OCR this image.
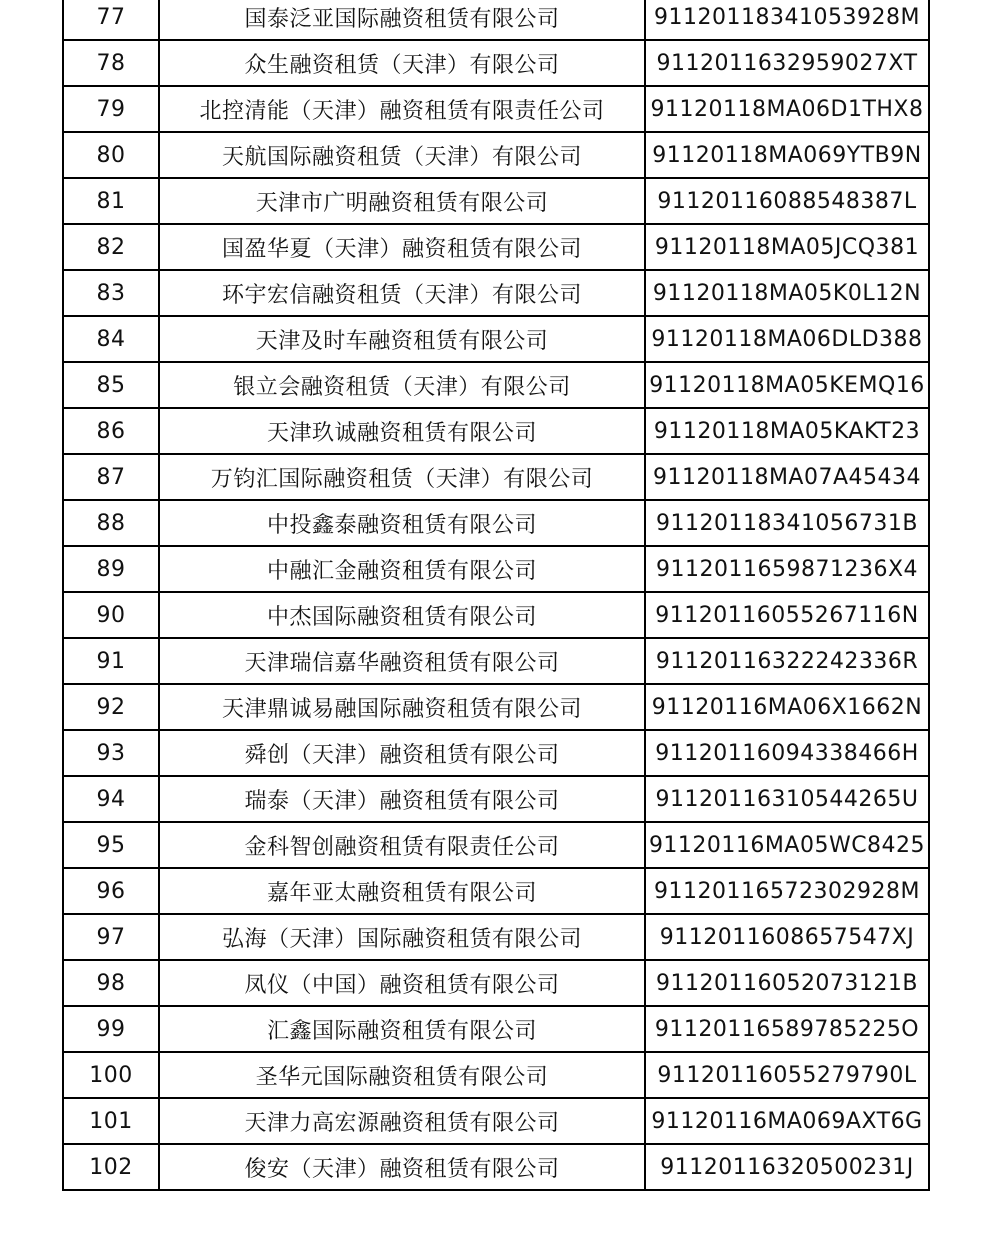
77	国泰泛亚国际融资租赁有限公司	91120118341053928M
78	众生融资租赁（天津）有限公司	9112011632959027XT
79	北控清能（天津）融资租赁有限责任公司	91120118MA06D1THX8
80	天航国际融资租赁（天津）有限公司	91120118MA069YTB9N
81	天津市广明融资租赁有限公司	91120116088548387L
82	国盈华夏（天津）融资租赁有限公司	91120118MA05JCQ381
83	环宇宏信融资租赁（天津）有限公司	91120118MA05K0L12N
84	天津及时车融资租赁有限公司	91120118MA06DLD388
85	银立会融资租赁（天津）有限公司	91120118MA05KEMQ16
86	天津玖诚融资租赁有限公司	91120118MA05KAKT23
87	万钧汇国际融资租赁（天津）有限公司	91120118MA07A45434
88	中投鑫泰融资租赁有限公司	91120118341056731B
89	中融汇金融资租赁有限公司	9112011659871236X4
90	中杰国际融资租赁有限公司	91120116055267116N
91	天津瑞信嘉华融资租赁有限公司	91120116322242336R
92	天津鼎诚易融国际融资租赁有限公司	91120116MA06X1662N
93	舜创（天津）融资租赁有限公司	91120116094338466H
94	瑞泰（天津）融资租赁有限公司	91120116310544265U
95	金科智创融资租赁有限责任公司	91120116MA05WC8425
96	嘉年亚太融资租赁有限公司	91120116572302928M
97	弘海（天津）国际融资租赁有限公司	9112011608657547XJ
98	凤仪（中国）融资租赁有限公司	91120116052073121B
99	汇鑫国际融资租赁有限公司	91120116589785225O
100	圣华元国际融资租赁有限公司	91120116055279790L
101	天津力高宏源融资租赁有限公司	91120116MA069AXT6G
102	俊安（天津）融资租赁有限公司	91120116320500231J
